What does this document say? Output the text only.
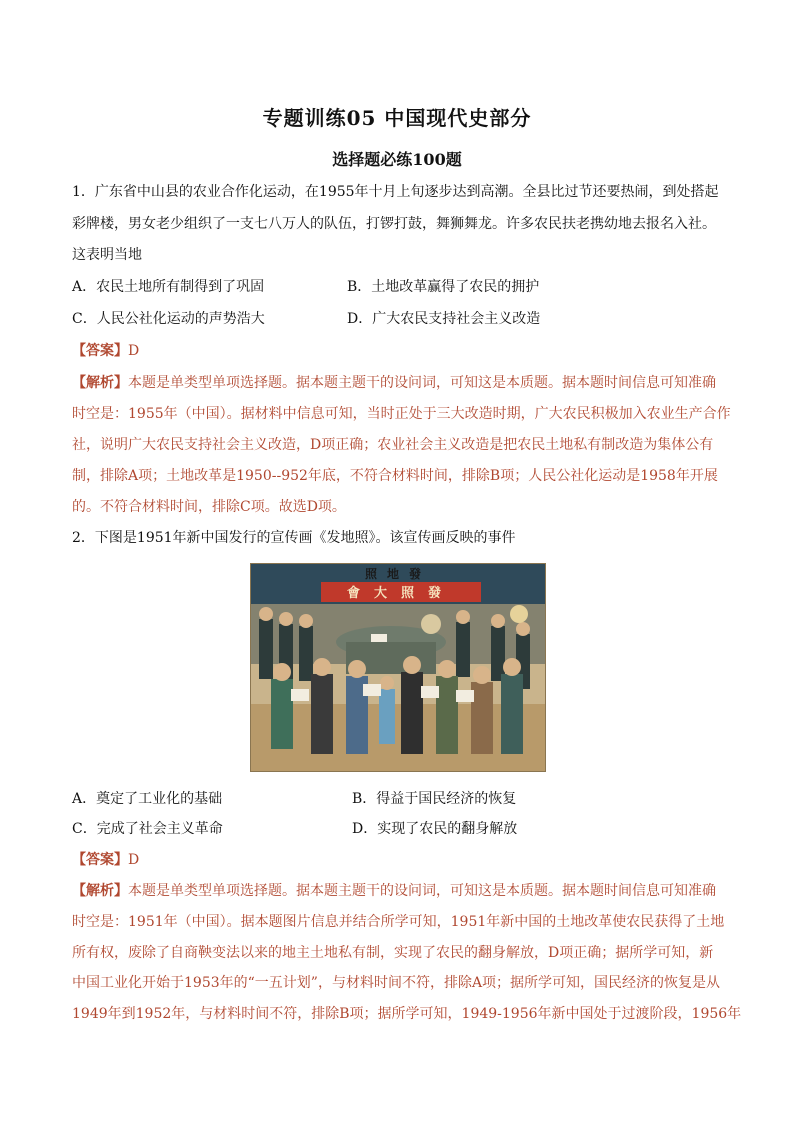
专题训练05 中国现代史部分
选择题必练100题
1．广东省中山县的农业合作化运动，在1955年十月上旬逐步达到高潮。全县比过节还要热闹，到处搭起
彩牌楼，男女老少组织了一支七八万人的队伍，打锣打鼓，舞狮舞龙。许多农民扶老携幼地去报名入社。
这表明当地
A．农民土地所有制得到了巩固	B．土地改革赢得了农民的拥护
C．人民公社化运动的声势浩大	D．广大农民支持社会主义改造
【答案】D
【解析】本题是单类型单项选择题。据本题主题干的设问词，可知这是本质题。据本题时间信息可知准确
时空是：1955年（中国）。据材料中信息可知，当时正处于三大改造时期，广大农民积极加入农业生产合作
社，说明广大农民支持社会主义改造，D项正确；农业社会主义改造是把农民土地私有制改造为集体公有
制，排除A项；土地改革是1950--952年底，不符合材料时间，排除B项；人民公社化运动是1958年开展
的。不符合材料时间，排除C项。故选D项。
2．下图是1951年新中国发行的宣传画《发地照》。该宣传画反映的事件
照地發
會大照發
A．奠定了工业化的基础	B．得益于国民经济的恢复
C．完成了社会主义革命	D．实现了农民的翻身解放
【答案】D
【解析】本题是单类型单项选择题。据本题主题干的设问词，可知这是本质题。据本题时间信息可知准确
时空是：1951年（中国）。据本题图片信息并结合所学可知，1951年新中国的土地改革使农民获得了土地
所有权，废除了自商鞅变法以来的地主土地私有制，实现了农民的翻身解放，D项正确；据所学可知，新
中国工业化开始于1953年的“一五计划”，与材料时间不符，排除A项；据所学可知，国民经济的恢复是从
1949年到1952年，与材料时间不符，排除B项；据所学可知，1949-1956年新中国处于过渡阶段，1956年
